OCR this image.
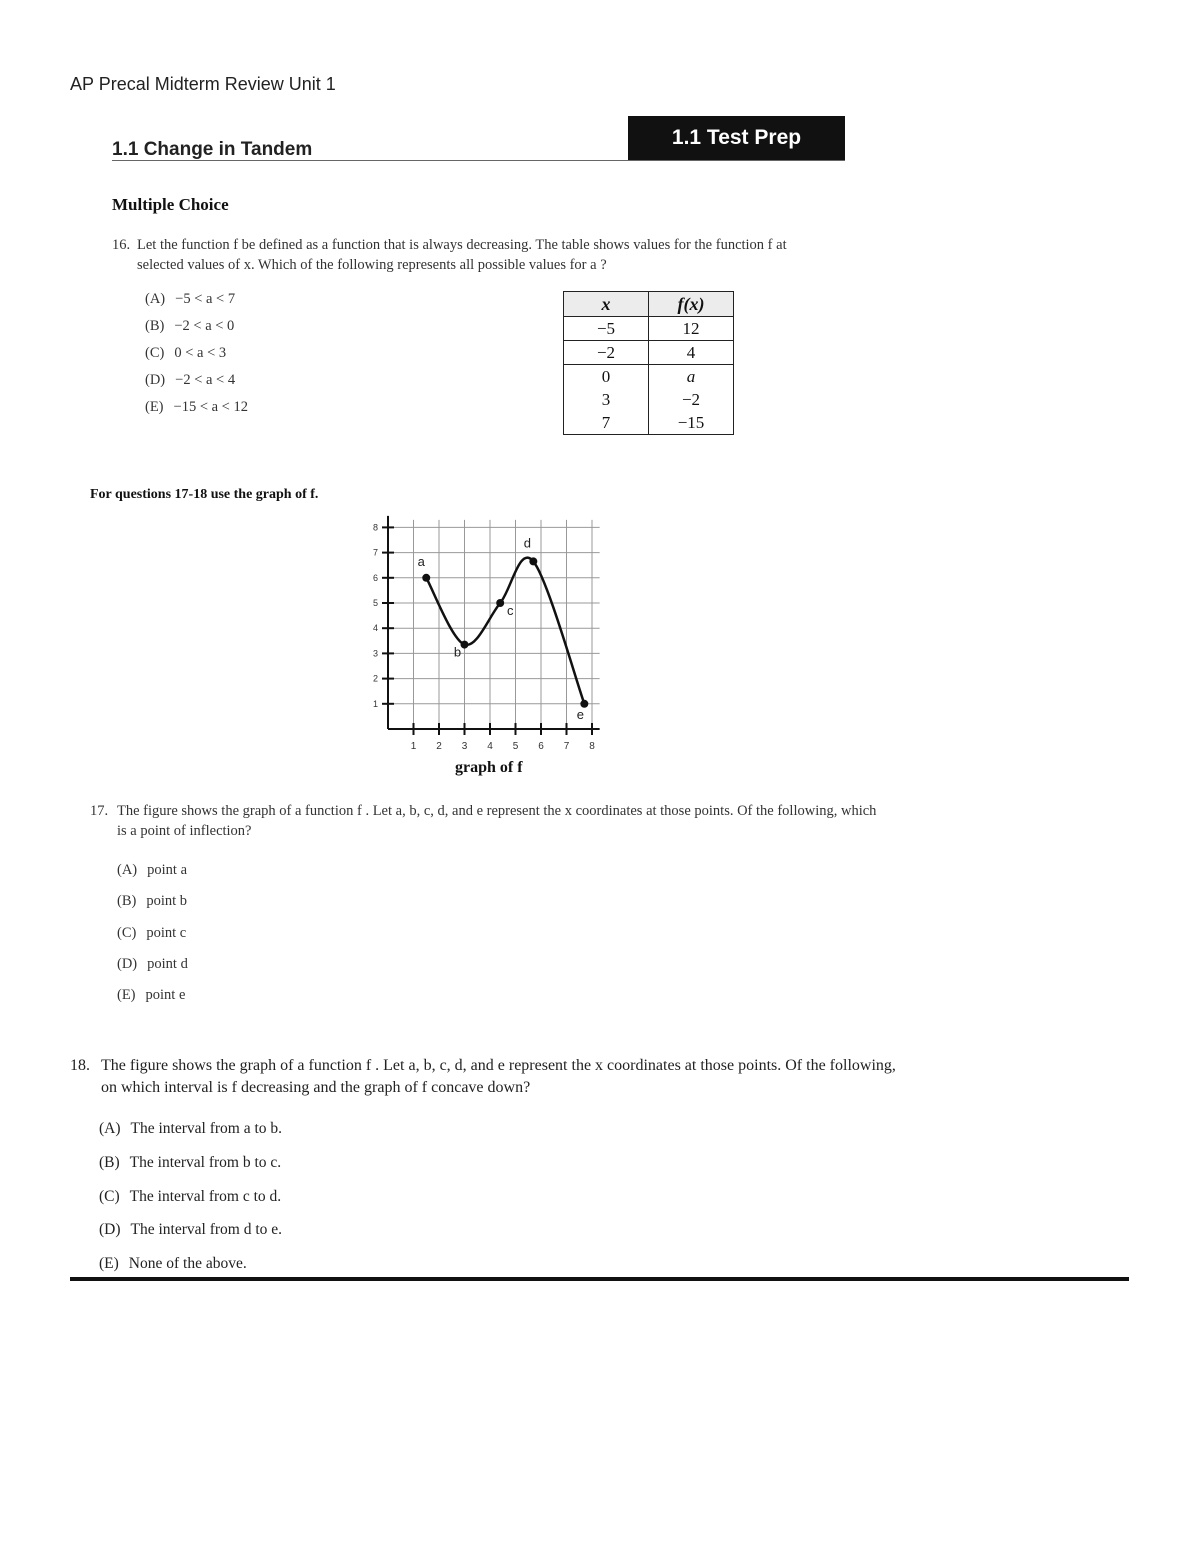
AP Precal Midterm Review Unit 1
1.1 Change in Tandem
1.1 Test Prep
Multiple Choice
16. Let the function f be defined as a function that is always decreasing. The table shows values for the function f at selected values of x. Which of the following represents all possible values for a ?
(A) −5 < a < 7
(B) −2 < a < 0
(C) 0 < a < 3
(D) −2 < a < 4
(E) −15 < a < 12
x	f(x)
−5	12
−2	4
0	a
3	−2
7	−15
For questions 17-18 use the graph of f.
1 2 3 4 5 6 7 8
1
2
3
4
5
6
7
8
a
b
c
d
e
graph of f
17. The figure shows the graph of a function f . Let a, b, c, d, and e represent the x coordinates at those points. Of the following, which is a point of inflection?
(A) point a
(B) point b
(C) point c
(D) point d
(E) point e
18. The figure shows the graph of a function f . Let a, b, c, d, and e represent the x coordinates at those points. Of the following, on which interval is f decreasing and the graph of f concave down?
(A) The interval from a to b.
(B) The interval from b to c.
(C) The interval from c to d.
(D) The interval from d to e.
(E) None of the above.
